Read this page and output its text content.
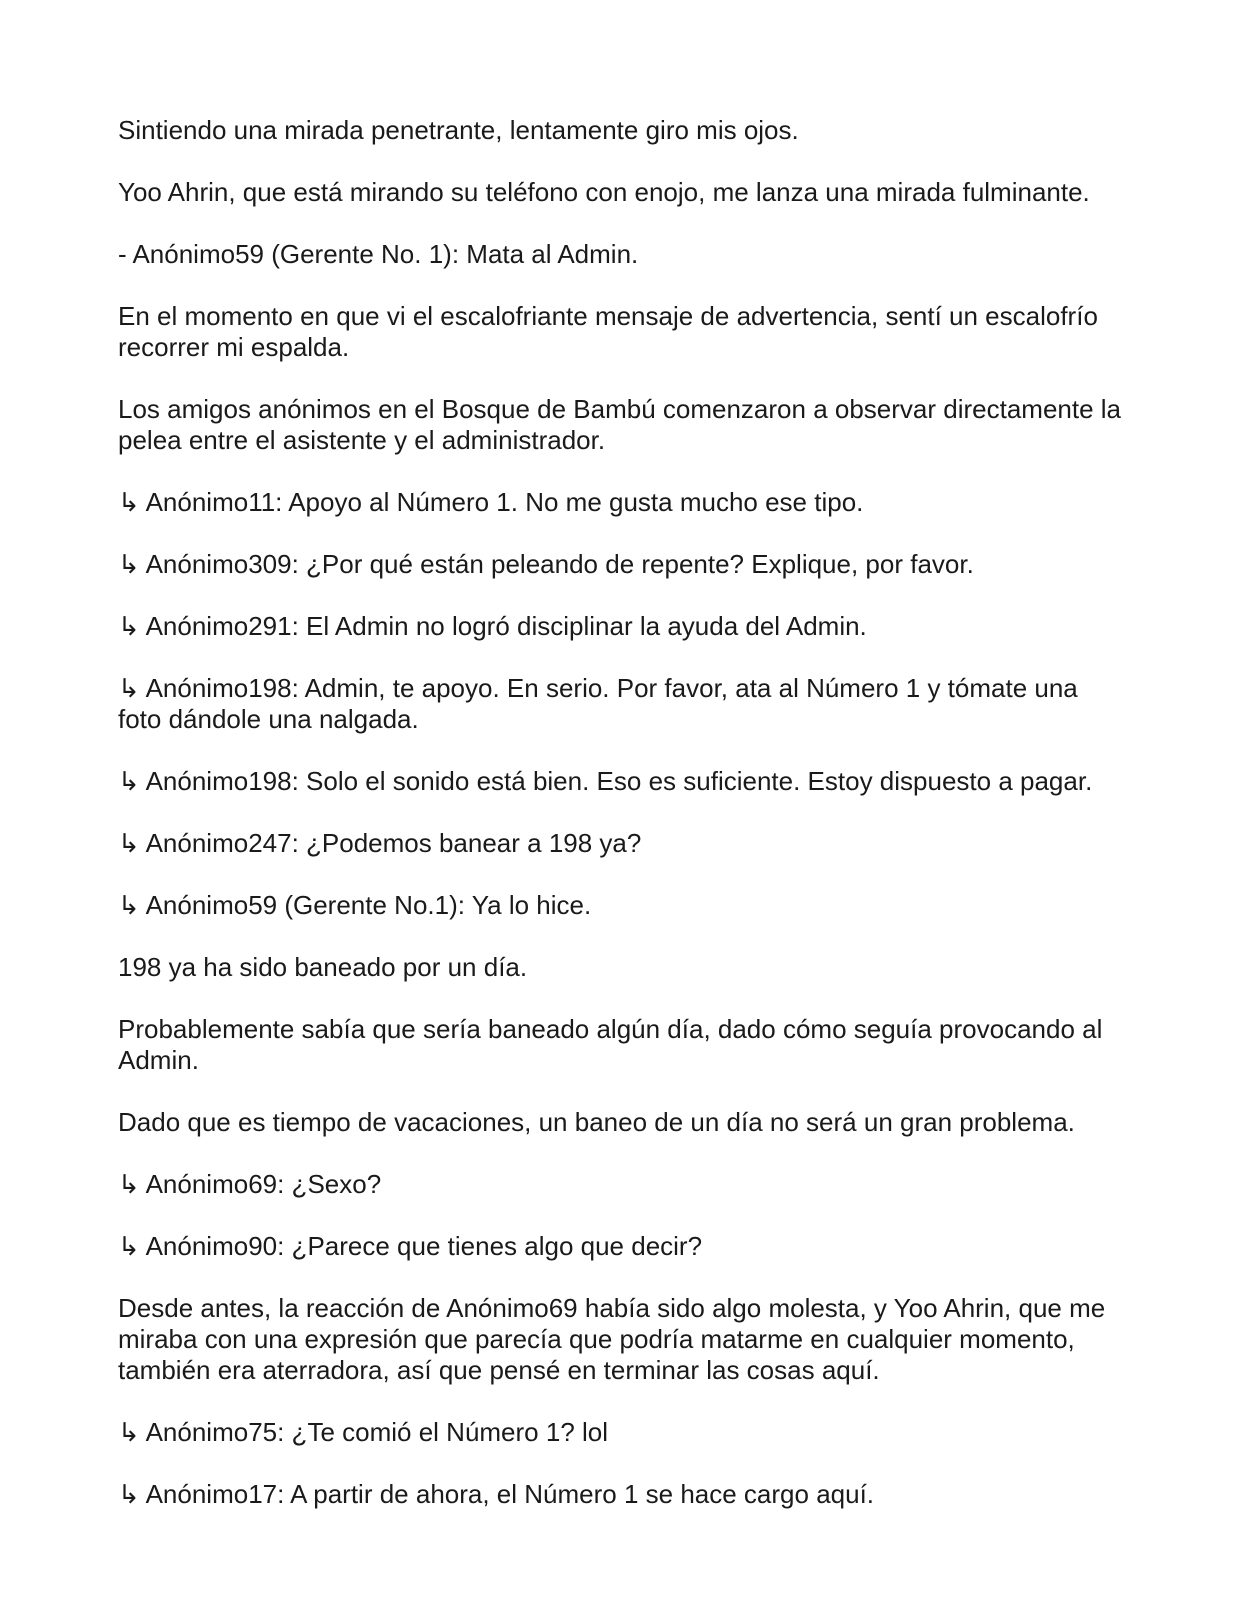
Sintiendo una mirada penetrante, lentamente giro mis ojos.

Yoo Ahrin, que está mirando su teléfono con enojo, me lanza una mirada fulminante.

- Anónimo59 (Gerente No. 1): Mata al Admin.

En el momento en que vi el escalofriante mensaje de advertencia, sentí un escalofrío recorrer mi espalda.

Los amigos anónimos en el Bosque de Bambú comenzaron a observar directamente la pelea entre el asistente y el administrador.

↳ Anónimo11: Apoyo al Número 1. No me gusta mucho ese tipo.

↳ Anónimo309: ¿Por qué están peleando de repente? Explique, por favor.

↳ Anónimo291: El Admin no logró disciplinar la ayuda del Admin.

↳ Anónimo198: Admin, te apoyo. En serio. Por favor, ata al Número 1 y tómate una foto dándole una nalgada.

↳ Anónimo198: Solo el sonido está bien. Eso es suficiente. Estoy dispuesto a pagar.

↳ Anónimo247: ¿Podemos banear a 198 ya?

↳ Anónimo59 (Gerente No.1): Ya lo hice.

198 ya ha sido baneado por un día.

Probablemente sabía que sería baneado algún día, dado cómo seguía provocando al Admin.

Dado que es tiempo de vacaciones, un baneo de un día no será un gran problema.

↳ Anónimo69: ¿Sexo?

↳ Anónimo90: ¿Parece que tienes algo que decir?

Desde antes, la reacción de Anónimo69 había sido algo molesta, y Yoo Ahrin, que me miraba con una expresión que parecía que podría matarme en cualquier momento, también era aterradora, así que pensé en terminar las cosas aquí.

↳ Anónimo75: ¿Te comió el Número 1? lol

↳ Anónimo17: A partir de ahora, el Número 1 se hace cargo aquí.
